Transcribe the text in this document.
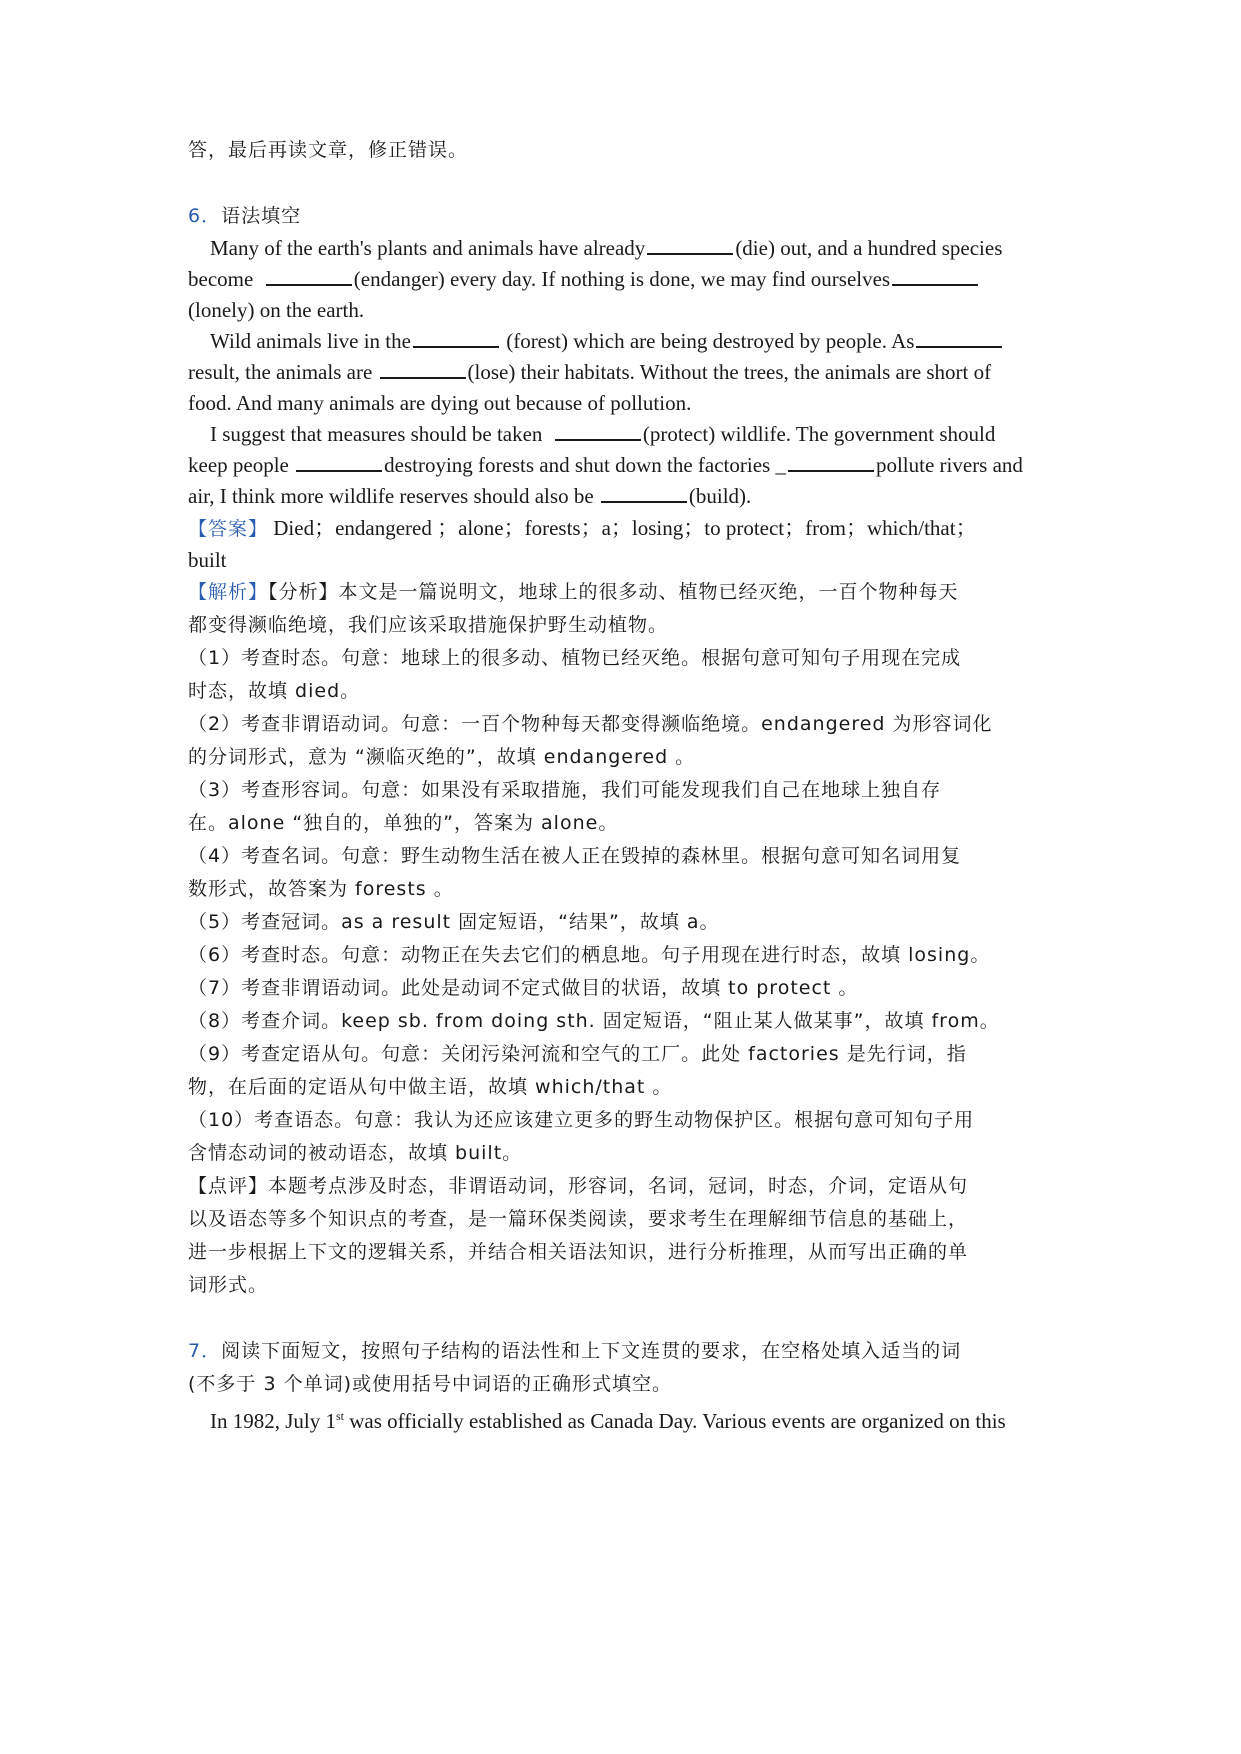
答，最后再读文章，修正错误。
6．语法填空
Many of the earth's plants and animals have already	(die) out, and a hundred species
become	(endanger) every day. If nothing is done, we may find ourselves
(lonely) on the earth.
Wild animals live in the	(forest) which are being destroyed by people. As
result, the animals are	(lose) their habitats. Without the trees, the animals are short of
food. And many animals are dying out because of pollution.
I suggest that measures should be taken	(protect) wildlife. The government should
keep people	destroying forests and shut down the factories _	pollute rivers and
air, I think more wildlife reserves should also be	(build).
【答案】 Died；endangered ；alone；forests；a；losing；to protect；from；which/that；
built
【解析】【分析】本文是一篇说明文，地球上的很多动、植物已经灭绝，一百个物种每天
都变得濒临绝境，我们应该采取措施保护野生动植物。
（1）考查时态。句意：地球上的很多动、植物已经灭绝。根据句意可知句子用现在完成
时态，故填 died。
（2）考查非谓语动词。句意：一百个物种每天都变得濒临绝境。endangered 为形容词化
的分词形式，意为 “濒临灭绝的”，故填 endangered 。
（3）考查形容词。句意：如果没有采取措施，我们可能发现我们自己在地球上独自存
在。alone “独自的，单独的”，答案为 alone。
（4）考查名词。句意：野生动物生活在被人正在毁掉的森林里。根据句意可知名词用复
数形式，故答案为 forests 。
（5）考查冠词。as a result 固定短语，“结果”，故填 a。
（6）考查时态。句意：动物正在失去它们的栖息地。句子用现在进行时态，故填 losing。
（7）考查非谓语动词。此处是动词不定式做目的状语，故填 to protect 。
（8）考查介词。keep sb. from doing sth. 固定短语，“阻止某人做某事”，故填 from。
（9）考查定语从句。句意：关闭污染河流和空气的工厂。此处 factories 是先行词，指
物，在后面的定语从句中做主语，故填 which/that 。
（10）考查语态。句意：我认为还应该建立更多的野生动物保护区。根据句意可知句子用
含情态动词的被动语态，故填 built。
【点评】本题考点涉及时态，非谓语动词，形容词，名词，冠词，时态，介词，定语从句
以及语态等多个知识点的考查，是一篇环保类阅读，要求考生在理解细节信息的基础上，
进一步根据上下文的逻辑关系，并结合相关语法知识，进行分析推理，从而写出正确的单
词形式。
7．阅读下面短文，按照句子结构的语法性和上下文连贯的要求，在空格处填入适当的词
(不多于 3 个单词)或使用括号中词语的正确形式填空。
In 1982, July 1st was officially established as Canada Day. Various events are organized on this
